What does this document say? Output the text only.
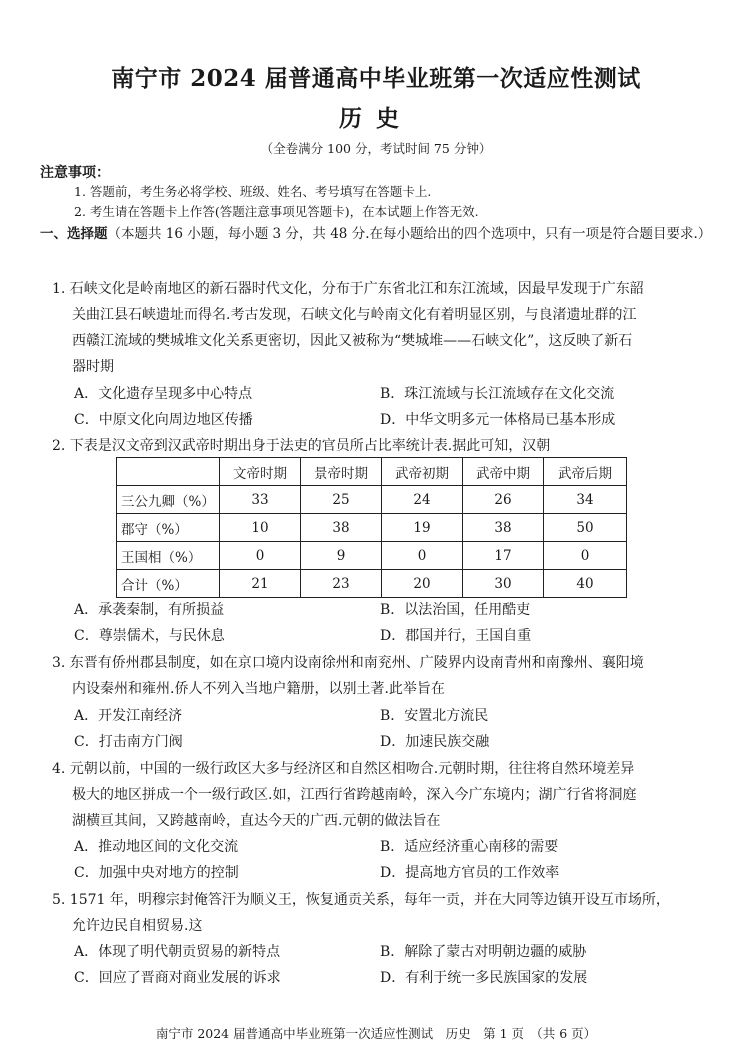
南宁市 2024 届普通高中毕业班第一次适应性测试
历史
（全卷满分 100 分，考试时间 75 分钟）
注意事项：
1. 答题前，考生务必将学校、班级、姓名、考号填写在答题卡上.
2. 考生请在答题卡上作答(答题注意事项见答题卡)，在本试题上作答无效.
一、选择题（本题共 16 小题，每小题 3 分，共 48 分.在每小题给出的四个选项中，只有一项是符合题目要求.）
1. 石峡文化是岭南地区的新石器时代文化，分布于广东省北江和东江流域，因最早发现于广东韶
关曲江县石峡遗址而得名.考古发现，石峡文化与岭南文化有着明显区别，与良渚遗址群的江
西赣江流域的樊城堆文化关系更密切，因此又被称为“樊城堆——石峡文化”，这反映了新石
器时期
A．文化遗存呈现多中心特点	B．珠江流域与长江流域存在文化交流
C．中原文化向周边地区传播	D．中华文明多元一体格局已基本形成
2. 下表是汉文帝到汉武帝时期出身于法吏的官员所占比率统计表.据此可知，汉朝
	文帝时期	景帝时期	武帝初期	武帝中期	武帝后期
三公九卿（%）	33	25	24	26	34
郡守（%）	10	38	19	38	50
王国相（%）	0	9	0	17	0
合计（%）	21	23	20	30	40
A．承袭秦制，有所损益	B．以法治国，任用酷吏
C．尊崇儒术，与民休息	D．郡国并行，王国自重
3. 东晋有侨州郡县制度，如在京口境内设南徐州和南兖州、广陵界内设南青州和南豫州、襄阳境
内设秦州和雍州.侨人不列入当地户籍册，以别土著.此举旨在
A．开发江南经济	B．安置北方流民
C．打击南方门阀	D．加速民族交融
4. 元朝以前，中国的一级行政区大多与经济区和自然区相吻合.元朝时期，往往将自然环境差异
极大的地区拼成一个一级行政区.如，江西行省跨越南岭，深入今广东境内；湖广行省将洞庭
湖横亘其间，又跨越南岭，直达今天的广西.元朝的做法旨在
A．推动地区间的文化交流	B．适应经济重心南移的需要
C．加强中央对地方的控制	D．提高地方官员的工作效率
5. 1571 年，明穆宗封俺答汗为顺义王，恢复通贡关系，每年一贡，并在大同等边镇开设互市场所，
允许边民自相贸易.这
A．体现了明代朝贡贸易的新特点	B．解除了蒙古对明朝边疆的威胁
C．回应了晋商对商业发展的诉求	D．有利于统一多民族国家的发展
南宁市 2024 届普通高中毕业班第一次适应性测试　历史　第 1 页　（共 6 页）
